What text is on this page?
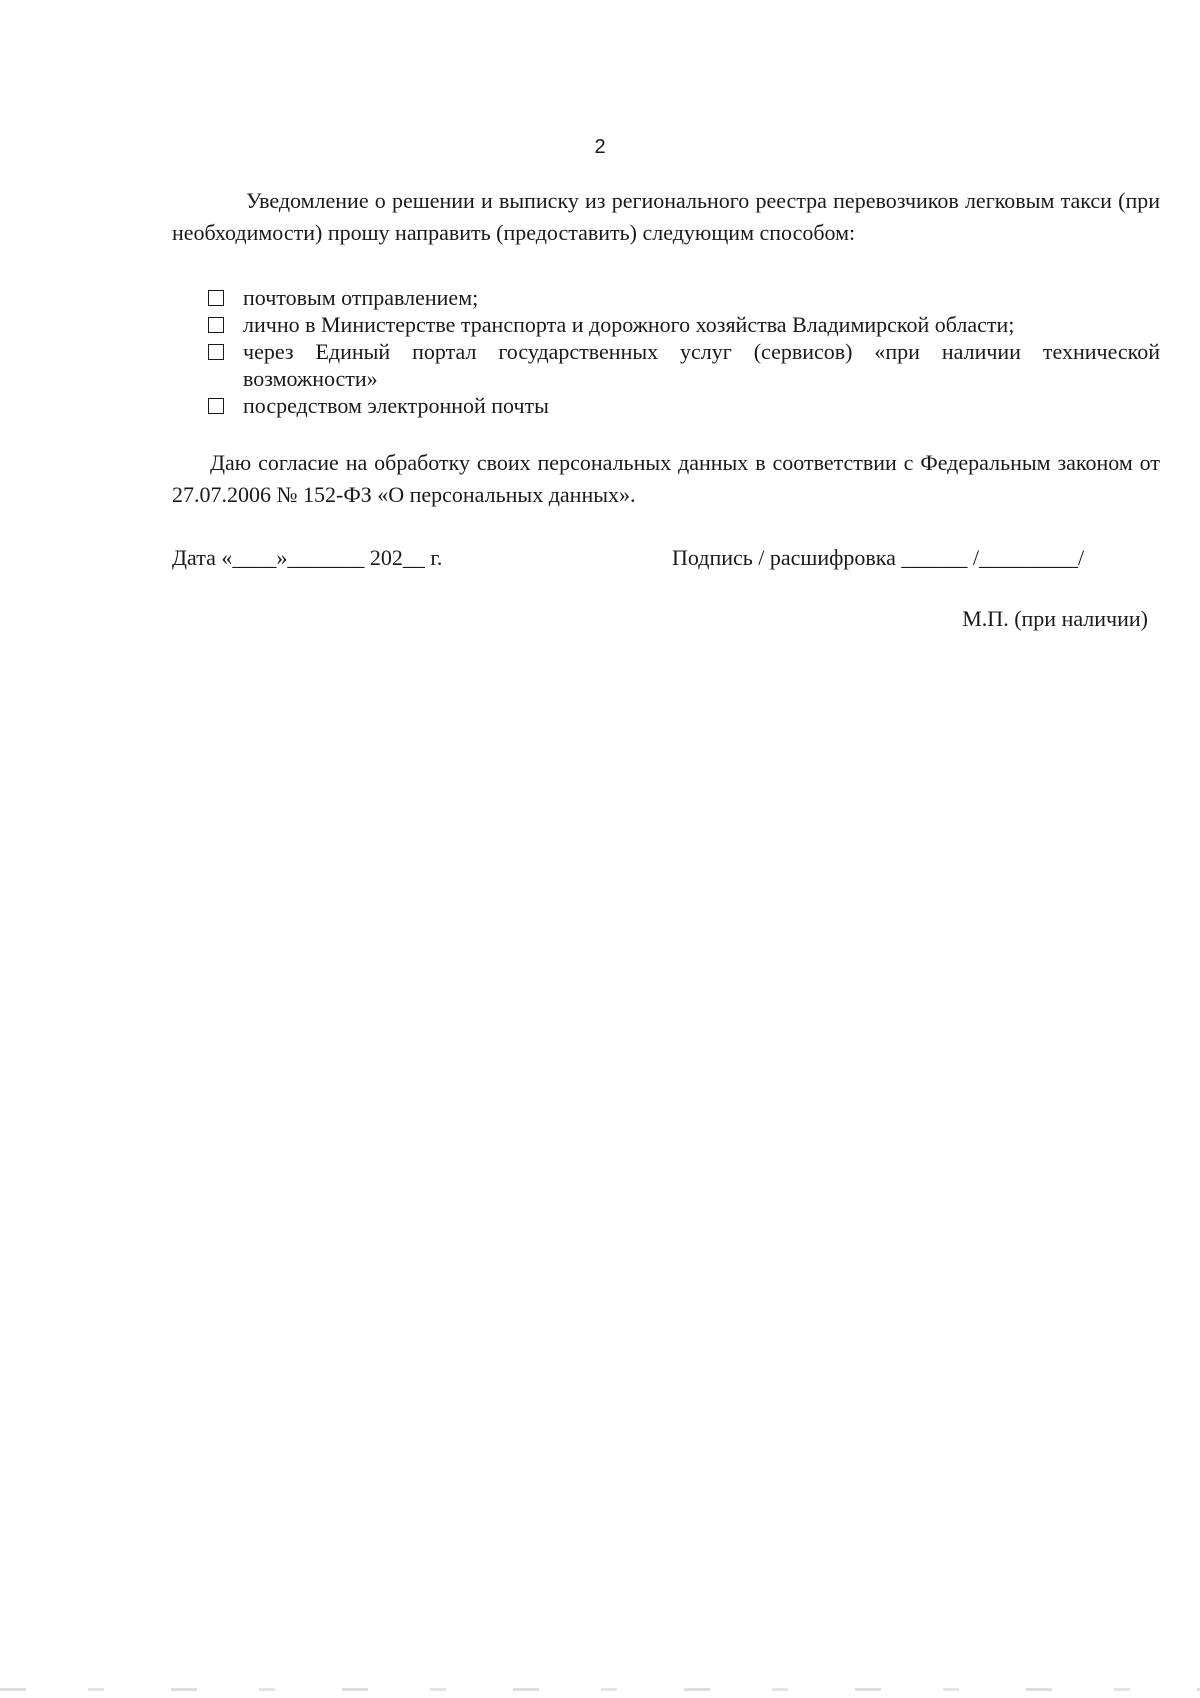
2

Уведомление о решении и выписку из регионального реестра перевозчиков легковым такси (при необходимости) прошу направить (предоставить) следующим способом:

почтовым отправлением;
лично в Министерстве транспорта и дорожного хозяйства Владимирской области;
через Единый портал государственных услуг (сервисов) «при наличии технической возможности»
посредством электронной почты

Даю согласие на обработку своих персональных данных в соответствии с Федеральным законом от 27.07.2006 № 152-ФЗ «О персональных данных».

Дата «____»_______ 202__ г.	Подпись / расшифровка ______ /_________/
М.П. (при наличии)
